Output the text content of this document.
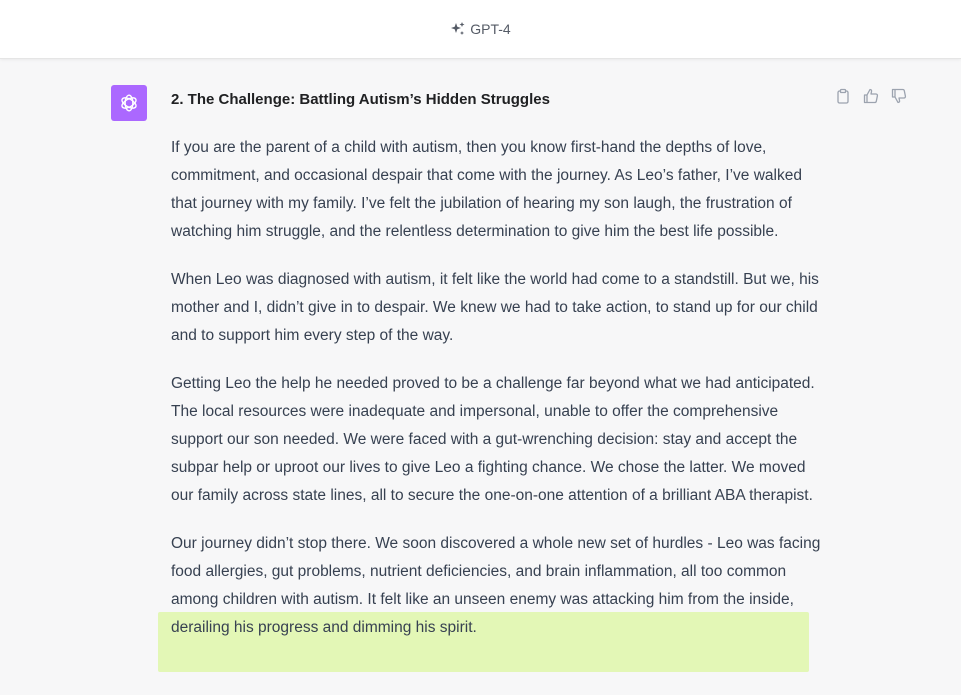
GPT-4
2. The Challenge: Battling Autism’s Hidden Struggles

If you are the parent of a child with autism, then you know first-hand the depths of love, commitment, and occasional despair that come with the journey. As Leo’s father, I’ve walked that journey with my family. I’ve felt the jubilation of hearing my son laugh, the frustration of watching him struggle, and the relentless determination to give him the best life possible.

When Leo was diagnosed with autism, it felt like the world had come to a standstill. But we, his mother and I, didn’t give in to despair. We knew we had to take action, to stand up for our child and to support him every step of the way.

Getting Leo the help he needed proved to be a challenge far beyond what we had anticipated. The local resources were inadequate and impersonal, unable to offer the comprehensive support our son needed. We were faced with a gut-wrenching decision: stay and accept the subpar help or uproot our lives to give Leo a fighting chance. We chose the latter. We moved our family across state lines, all to secure the one-on-one attention of a brilliant ABA therapist.

Our journey didn’t stop there. We soon discovered a whole new set of hurdles - Leo was facing food allergies, gut problems, nutrient deficiencies, and brain inflammation, all too common among children with autism. It felt like an unseen enemy was attacking him from the inside, derailing his progress and dimming his spirit.
